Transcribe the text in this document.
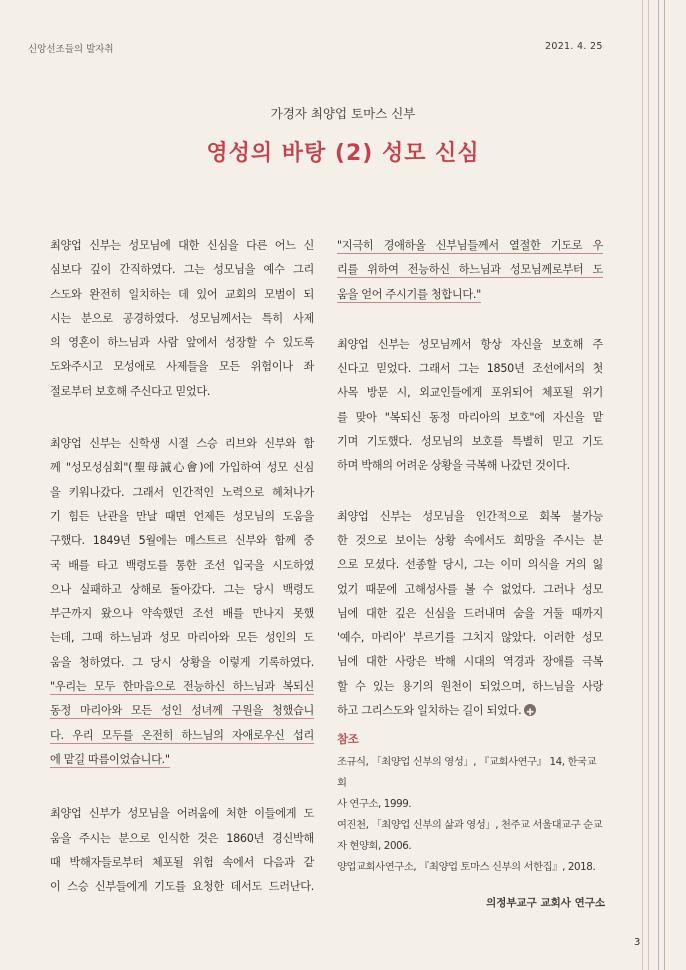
신앙선조들의 발자취	2021. 4. 25
가경자 최양업 토마스 신부
영성의 바탕 (2) 성모 신심

최양업 신부는 성모님에 대한 신심을 다른 어느 신

심보다 깊이 간직하였다. 그는 성모님을 예수 그리

스도와 완전히 일치하는 데 있어 교회의 모범이 되

시는 분으로 공경하였다. 성모님께서는 특히 사제

의 영혼이 하느님과 사람 앞에서 성장할 수 있도록

도와주시고 모성애로 사제들을 모든 위험이나 좌

절로부터 보호해 주신다고 믿었다.

최양업 신부는 신학생 시절 스승 리브와 신부와 함

께 "성모성심회"(聖母誠心會)에 가입하여 성모 신심

을 키워나갔다. 그래서 인간적인 노력으로 헤쳐나가

기 힘든 난관을 만날 때면 언제든 성모님의 도움을

구했다. 1849년 5월에는 메스트르 신부와 함께 중

국 배를 타고 백령도를 통한 조선 입국을 시도하였

으나 실패하고 상해로 돌아갔다. 그는 당시 백령도

부근까지 왔으나 약속했던 조선 배를 만나지 못했

는데, 그때 하느님과 성모 마리아와 모든 성인의 도

움을 청하였다. 그 당시 상황을 이렇게 기록하였다.

"우리는 모두 한마음으로 전능하신 하느님과 복되신

동정 마리아와 모든 성인 성녀께 구원을 청했습니

다. 우리 모두를 온전히 하느님의 자애로우신 섭리

에 맡길 따름이었습니다."

최양업 신부가 성모님을 어려움에 처한 이들에게 도

움을 주시는 분으로 인식한 것은 1860년 경신박해

때 박해자들로부터 체포될 위험 속에서 다음과 같

이 스승 신부들에게 기도를 요청한 데서도 드러난다.

"지극히 경애하올 신부님들께서 열절한 기도로 우

리를 위하여 전능하신 하느님과 성모님께로부터 도

움을 얻어 주시기를 청합니다."

최양업 신부는 성모님께서 항상 자신을 보호해 주

신다고 믿었다. 그래서 그는 1850년 조선에서의 첫

사목 방문 시, 외교인들에게 포위되어 체포될 위기

를 맞아 "복되신 동정 마리아의 보호"에 자신을 맡

기며 기도했다. 성모님의 보호를 특별히 믿고 기도

하며 박해의 어려운 상황을 극복해 나갔던 것이다.

최양업 신부는 성모님을 인간적으로 회복 불가능

한 것으로 보이는 상황 속에서도 희망을 주시는 분

으로 모셨다. 선종할 당시, 그는 이미 의식을 거의 잃

었기 때문에 고해성사를 볼 수 없었다. 그러나 성모

님에 대한 깊은 신심을 드러내며 숨을 거둘 때까지

'예수, 마리아' 부르기를 그치지 않았다. 이러한 성모

님에 대한 사랑은 박해 시대의 역경과 장애를 극복

할 수 있는 용기의 원천이 되었으며, 하느님을 사랑

하고 그리스도와 일치하는 길이 되었다.✚

참조

조규식, 「최양업 신부의 영성」, 『교회사연구』 14, 한국교회

사 연구소, 1999.

여진천, 「최양업 신부의 삶과 영성」, 천주교 서울대교구 순교

자 현양회, 2006.

양업교회사연구소, 『최양업 토마스 신부의 서한집』, 2018.

의정부교구 교회사 연구소
3
